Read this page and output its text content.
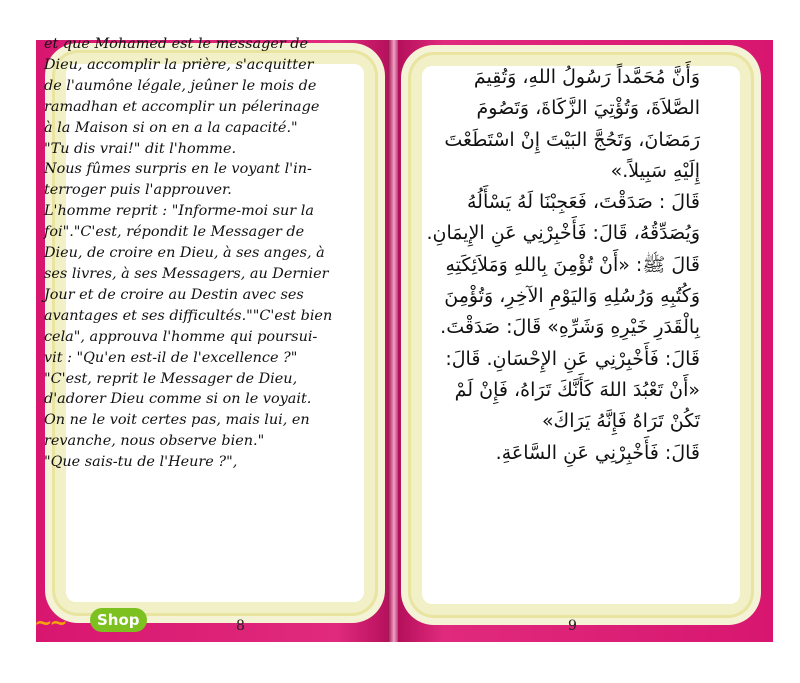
et que Mohamed est le messager de

Dieu, accomplir la prière, s'acquitter

de l'aumône légale, jeûner le mois de

ramadhan et accomplir un pélerinage

à la Maison si on en a la capacité."

"Tu dis vrai!" dit l'homme.

Nous fûmes surpris en le voyant l'in-

terroger puis l'approuver.

L'homme reprit : "Informe-moi sur la

foi"."C'est, répondit le Messager de

Dieu, de croire en Dieu, à ses anges, à

ses livres, à ses Messagers, au Dernier

Jour et de croire au Destin avec ses

avantages et ses difficultés.""C'est bien

cela", approuva l'homme qui poursui-

vit : "Qu'en est-il de l'excellence ?"

"C'est, reprit le Messager de Dieu,

d'adorer Dieu comme si on le voyait.

On ne le voit certes pas, mais lui, en

revanche, nous observe bien."

"Que sais-tu de l'Heure ?",

وَأَنَّ مُحَمَّداً رَسُولُ اللهِ، وَتُقِيمَ

الصَّلاَةَ، وَتُؤْتِيَ الزَّكَاةَ، وَتَصُومَ

رَمَضَانَ، وَتَحُجَّ البَيْتَ إِنْ اسْتَطَعْتَ

إِلَيْهِ سَبِيلاً.»

قَالَ : صَدَقْتَ، فَعَجِبْنَا لَهُ يَسْأَلُهُ

وَيُصَدِّقُهُ، قَالَ: فَأَخْبِرْنِي عَنِ الإِيمَانِ.

قَالَ ﷺ: «أَنْ تُؤْمِنَ بِاللهِ وَمَلاَئِكَتِهِ

وَكُتُبِهِ وَرُسُلِهِ وَاليَوْمِ الآخِرِ، وَتُؤْمِنَ

بِالْقَدَرِ خَيْرِهِ وَشَرِّهِ» قَالَ: صَدَقْتَ.

قَالَ: فَأَخْبِرْنِي عَنِ الإِحْسَانِ. قَالَ:

«أَنْ تَعْبُدَ اللهَ كَأَنَّكَ تَرَاهُ، فَإِنْ لَمْ

تَكُنْ تَرَاهُ فَإِنَّهُ يَرَاكَ»

قَالَ: فَأَخْبِرْنِي عَنِ السَّاعَةِ.

8	9
~~	Shop
